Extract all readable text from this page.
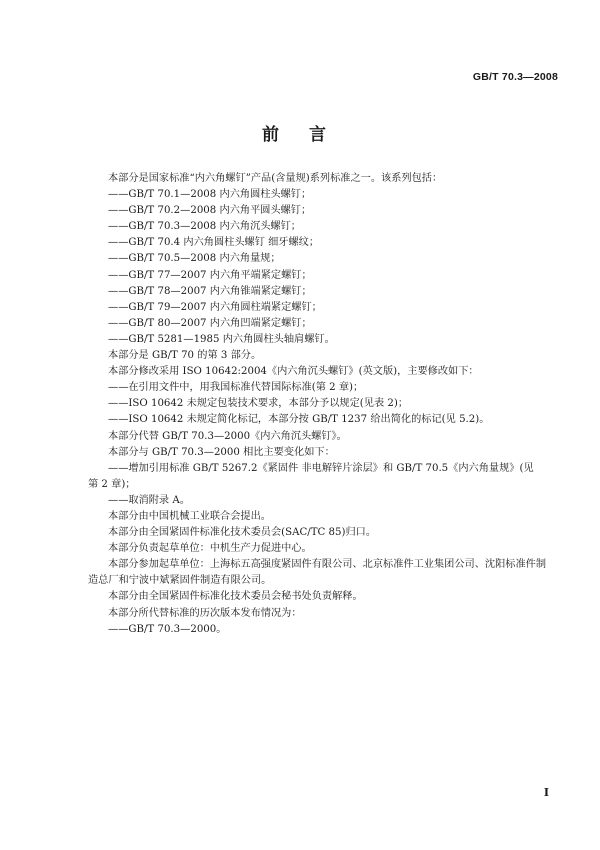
GB/T 70.3—2008
前 言
本部分是国家标准“内六角螺钉”产品(含量规)系列标准之一。该系列包括：
——GB/T 70.1—2008 内六角圆柱头螺钉；
——GB/T 70.2—2008 内六角平圆头螺钉；
——GB/T 70.3—2008 内六角沉头螺钉；
——GB/T 70.4 内六角圆柱头螺钉 细牙螺纹；
——GB/T 70.5—2008 内六角量规；
——GB/T 77—2007 内六角平端紧定螺钉；
——GB/T 78—2007 内六角锥端紧定螺钉；
——GB/T 79—2007 内六角圆柱端紧定螺钉；
——GB/T 80—2007 内六角凹端紧定螺钉；
——GB/T 5281—1985 内六角圆柱头轴肩螺钉。
本部分是 GB/T 70 的第 3 部分。
本部分修改采用 ISO 10642:2004《内六角沉头螺钉》(英文版)，主要修改如下：
——在引用文件中，用我国标准代替国际标准(第 2 章)；
——ISO 10642 未规定包装技术要求，本部分予以规定(见表 2)；
——ISO 10642 未规定简化标记，本部分按 GB/T 1237 给出简化的标记(见 5.2)。
本部分代替 GB/T 70.3—2000《内六角沉头螺钉》。
本部分与 GB/T 70.3—2000 相比主要变化如下：
——增加引用标准 GB/T 5267.2《紧固件 非电解锌片涂层》和 GB/T 70.5《内六角量规》(见
第 2 章)；
——取消附录 A。
本部分由中国机械工业联合会提出。
本部分由全国紧固件标准化技术委员会(SAC/TC 85)归口。
本部分负责起草单位：中机生产力促进中心。
本部分参加起草单位：上海标五高强度紧固件有限公司、北京标准件工业集团公司、沈阳标准件制
造总厂和宁波中斌紧固件制造有限公司。
本部分由全国紧固件标准化技术委员会秘书处负责解释。
本部分所代替标准的历次版本发布情况为：
——GB/T 70.3—2000。
I
